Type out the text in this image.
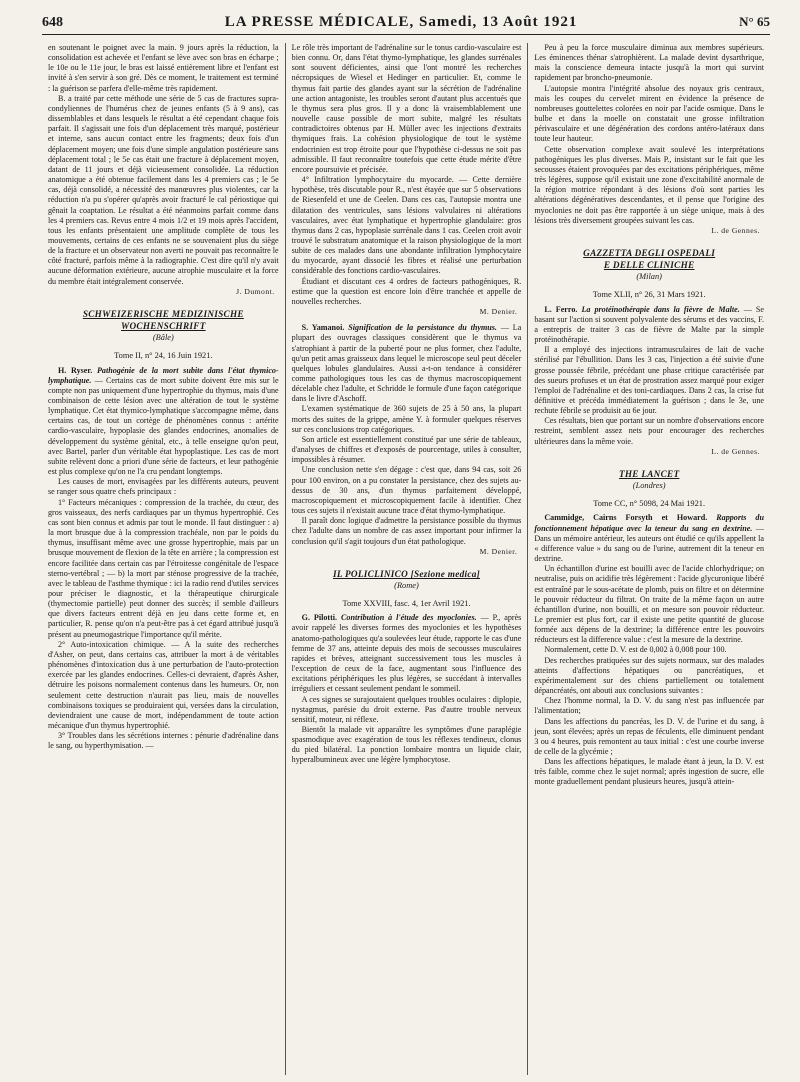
648	LA PRESSE MÉDICALE, Samedi, 13 Août 1921	N° 65

en soutenant le poignet avec la main. 9 jours après la réduction, la consolidation est achevée et l'enfant se lève avec son bras en écharpe ; le 10e ou le 11e jour, le bras est laissé entièrement libre et l'enfant est invité à s'en servir à son gré. Dès ce moment, le traitement est terminé : la guérison se parfera d'elle-même très rapidement.

B. a traité par cette méthode une série de 5 cas de fractures supra-condyliennes de l'humérus chez de jeunes enfants (5 à 9 ans), cas dissemblables et dans lesquels le résultat a été cependant chaque fois parfait. Il s'agissait une fois d'un déplacement très marqué, postérieur et interne, sans aucun contact entre les fragments; deux fois d'un déplacement moyen; une fois d'une simple angulation postérieure sans déplacement total ; le 5e cas était une fracture à déplacement moyen, datant de 11 jours et déjà vicieusement consolidée. La réduction anatomique a été obtenue facilement dans les 4 premiers cas ; le 5e cas, déjà consolidé, a nécessité des manœuvres plus violentes, car la réduction n'a pu s'opérer qu'après avoir fracturé le cal périostique qui gênait la coaptation. Le résultat a été néanmoins parfait comme dans les 4 premiers cas. Revus entre 4 mois 1/2 et 19 mois après l'accident, tous les enfants présentaient une amplitude complète de tous les mouvements, certains de ces enfants ne se souvenaient plus du siège de la fracture et un observateur non averti ne pouvait pas reconnaître le côté fracturé, parfois même à la radiographie. C'est dire qu'il n'y avait aucune déformation extérieure, aucune atrophie musculaire et la force du membre était intégralement conservée.

J. Dumont.
SCHWEIZERISCHE MEDIZINISCHE
WOCHENSCHRIFT
(Bâle)
Tome II, n° 24, 16 Juin 1921.

H. Ryser. Pathogénie de la mort subite dans l'état thymico-lymphatique. — Certains cas de mort subite doivent être mis sur le compte non pas uniquement d'une hypertrophie du thymus, mais d'une combinaison de cette lésion avec une altération de tout le système lymphatique. Cet état thymico-lymphatique s'accompagne même, dans certains cas, de tout un cortège de phénomènes connus : artérite cardio-vasculaire, hypoplasie des glandes endocrines, anomalies de développement du système génital, etc., à telle enseigne qu'on peut, avec Bartel, parler d'un véritable état hypoplastique. Les cas de mort subite relèvent donc a priori d'une série de facteurs, et leur pathogénie est plus complexe qu'on ne l'a cru pendant longtemps.

Les causes de mort, envisagées par les différents auteurs, peuvent se ranger sous quatre chefs principaux :

1° Facteurs mécaniques : compression de la trachée, du cœur, des gros vaisseaux, des nerfs cardiaques par un thymus hypertrophié. Ces cas sont bien connus et admis par tout le monde. Il faut distinguer : a) la mort brusque due à la compression trachéale, non par le poids du thymus, insuffisant même avec une grosse hypertrophie, mais par un brusque mouvement de flexion de la tête en arrière ; la compression est encore facilitée dans certain cas par l'étroitesse congénitale de l'espace sterno-vertébral ; — b) la mort par sténose progressive de la trachée, avec le tableau de l'asthme thymique : ici la radio rend d'utiles services pour préciser le diagnostic, et la thérapeutique chirurgicale (thymectomie partielle) peut donner des succès; il semble d'ailleurs que divers facteurs entrent déjà en jeu dans cette forme et, en particulier, R. pense qu'on n'a peut-être pas à cet égard attribué jusqu'à présent au pneumogastrique l'importance qu'il mérite.

2° Auto-intoxication chimique. — A la suite des recherches d'Asher, on peut, dans certains cas, attribuer la mort à de véritables phénomènes d'intoxication dus à une perturbation de l'auto-protection exercée par les glandes endocrines. Celles-ci devraient, d'après Asher, détruire les poisons normalement contenus dans les humeurs. Or, non seulement cette destruction n'aurait pas lieu, mais de nouvelles combinaisons toxiques se produiraient qui, versées dans la circulation, deviendraient une cause de mort, indépendamment de toute action mécanique d'un thymus hypertrophié.

3° Troubles dans les sécrétions internes : pénurie d'adrénaline dans le sang, ou hyperthymisation. —

Le rôle très important de l'adrénaline sur le tonus cardio-vasculaire est bien connu. Or, dans l'état thymo-lymphatique, les glandes surrénales sont souvent déficientes, ainsi que l'ont montré les recherches nécropsiques de Wiesel et Hedinger en particulier. Et, comme le thymus fait partie des glandes ayant sur la sécrétion de l'adrénaline une action antagoniste, les troubles seront d'autant plus accentués que le thymus sera plus gros. Il y a donc là vraisemblablement une nouvelle cause possible de mort subite, malgré les résultats contradictoires obtenus par H. Müller avec les injections d'extraits thymiques frais. La cohésion physiologique de tout le système endocrinien est trop étroite pour que l'hypothèse ci-dessus ne soit pas admissible. Il faut reconnaître toutefois que cette étude mérite d'être encore poursuivie et précisée.

4° Infiltration lymphocytaire du myocarde. — Cette dernière hypothèse, très discutable pour R., n'est étayée que sur 5 observations de Riesenfeld et une de Ceelen. Dans ces cas, l'autopsie montra une dilatation des ventricules, sans lésions valvulaires ni altérations vasculaires, avec état lymphatique et hypertrophie glandulaire: gros thymus dans 2 cas, hypoplasie surrénale dans 1 cas. Ceelen croit avoir trouvé le substratum anatomique et la raison physiologique de la mort subite de ces malades dans une abondante infiltration lymphocytaire du myocarde, ayant dissocié les fibres et réalisé une perturbation considérable des fonctions cardio-vasculaires.

Étudiant et discutant ces 4 ordres de facteurs pathogéniques, R. estime que la question est encore loin d'être tranchée et appelle de nouvelles recherches.

M. Denier.

S. Yamanoi. Signification de la persistance du thymus. — La plupart des ouvrages classiques considèrent que le thymus va s'atrophiant à partir de la puberté pour ne plus former, chez l'adulte, qu'un petit amas graisseux dans lequel le microscope seul peut déceler quelques lobules glandulaires. Aussi a-t-on tendance à considérer comme pathologiques tous les cas de thymus macroscopiquement décelable chez l'adulte, et Schridde le formule d'une façon catégorique dans le livre d'Aschoff.

L'examen systématique de 360 sujets de 25 à 50 ans, la plupart morts des suites de la grippe, amène Y. à formuler quelques réserves sur ces conclusions trop catégoriques.

Son article est essentiellement constitué par une série de tableaux, d'analyses de chiffres et d'exposés de pourcentage, utiles à consulter, impossibles à résumer.

Une conclusion nette s'en dégage : c'est que, dans 94 cas, soit 26 pour 100 environ, on a pu constater la persistance, chez des sujets au-dessus de 30 ans, d'un thymus parfaitement développé, macroscopiquement et microscopiquement facile à identifier. Chez tous ces sujets il n'existait aucune trace d'état thymo-lymphatique.

Il paraît donc logique d'admettre la persistance possible du thymus chez l'adulte dans un nombre de cas assez important pour infirmer la conclusion qu'il s'agit toujours d'un état pathologique.

M. Denier.
IL POLICLINICO [Sezione medica]
(Rome)
Tome XXVIII, fasc. 4, 1er Avril 1921.

G. Pilotti. Contribution à l'étude des myoclonies. — P., après avoir rappelé les diverses formes des myoclonies et les hypothèses anatomo-pathologiques qu'a soulevées leur étude, rapporte le cas d'une femme de 37 ans, atteinte depuis des mois de secousses musculaires rapides et brèves, atteignant successivement tous les muscles à l'exception de ceux de la face, augmentant sous l'influence des excitations périphériques les plus légères, se succédant à intervalles irréguliers et cessant seulement pendant le sommeil.

A ces signes se surajoutaient quelques troubles oculaires : diplopie, nystagmus, parésie du droit externe. Pas d'autre trouble nerveux sensitif, moteur, ni réflexe.

Bientôt la malade vit apparaître les symptômes d'une paraplégie spasmodique avec exagération de tous les réflexes tendineux, clonus du pied bilatéral. La ponction lombaire montra un liquide clair, hyperalbumineux avec une légère lymphocytose.

Peu à peu la force musculaire diminua aux membres supérieurs. Les éminences thénar s'atrophièrent. La malade devint dysarthrique, mais la conscience demeura intacte jusqu'à la mort qui survint rapidement par broncho-pneumonie.

L'autopsie montra l'intégrité absolue des noyaux gris centraux, mais les coupes du cervelet mirent en évidence la présence de nombreuses gouttelettes colorées en noir par l'acide osmique. Dans le bulbe et dans la moelle on constatait une grosse infiltration périvasculaire et une dégénération des cordons antéro-latéraux dans toute leur hauteur.

Cette observation complexe avait soulevé les interprétations pathogéniques les plus diverses. Mais P., insistant sur le fait que les secousses étaient provoquées par des excitations périphériques, même très légères, suppose qu'il existait une zone d'excitabilité anormale de la région motrice répondant à des lésions d'où sont parties les altérations dégénératives descendantes, et il pense que l'origine des myoclonies ne doit pas être rapportée à un siège unique, mais à des lésions très diversement groupées suivant les cas.

L. de Gennes.
GAZZETTA DEGLI OSPEDALI
E DELLE CLINICHE
(Milan)
Tome XLII, n° 26, 31 Mars 1921.

L. Ferro. La protéinothérapie dans la fièvre de Malte. — Se basant sur l'action si souvent polyvalente des sérums et des vaccins, F. a entrepris de traiter 3 cas de fièvre de Malte par la simple protéinothérapie.

Il a employé des injections intramusculaires de lait de vache stérilisé par l'ébullition. Dans les 3 cas, l'injection a été suivie d'une grosse poussée fébrile, précédant une phase critique caractérisée par des sueurs profuses et un état de prostration assez marqué pour exiger l'emploi de l'adrénaline et des toni-cardiaques. Dans 2 cas, la crise fut définitive et précéda immédiatement la guérison ; dans le 3e, une rechute fébrile se produisit au 6e jour.

Ces résultats, bien que portant sur un nombre d'observations encore restreint, semblent assez nets pour encourager des recherches ultérieures dans la même voie.

L. de Gennes.
THE LANCET
(Londres)
Tome CC, n° 5098, 24 Mai 1921.

Cammidge, Cairns Forsyth et Howard. Rapports du fonctionnement hépatique avec la teneur du sang en dextrine. — Dans un mémoire antérieur, les auteurs ont étudié ce qu'ils appellent la « difference value » du sang ou de l'urine, autrement dit la teneur en dextrine.

Un échantillon d'urine est bouilli avec de l'acide chlorhydrique; on neutralise, puis on acidifie très légèrement : l'acide glycuronique libéré est entraîné par le sous-acétate de plomb, puis on filtre et on détermine le pouvoir réducteur du filtrat. On traite de la même façon un autre échantillon d'urine, non bouilli, et on mesure son pouvoir réducteur. Le premier est plus fort, car il existe une petite quantité de glucose formée aux dépens de la dextrine; la différence entre les pouvoirs réducteurs est la difference value : c'est la mesure de la dextrine.

Normalement, cette D. V. est de 0,002 à 0,008 pour 100.

Des recherches pratiquées sur des sujets normaux, sur des malades atteints d'affections hépatiques ou pancréatiques, et expérimentalement sur des chiens partiellement ou totalement dépancréatés, ont abouti aux conclusions suivantes :

Chez l'homme normal, la D. V. du sang n'est pas influencée par l'alimentation;

Dans les affections du pancréas, les D. V. de l'urine et du sang, à jeun, sont élevées; après un repas de féculents, elle diminuent pendant 3 ou 4 heures, puis remontent au taux initial : c'est une courbe inverse de celle de la glycémie ;

Dans les affections hépatiques, le malade étant à jeun, la D. V. est très faible, comme chez le sujet normal; après ingestion de sucre, elle monte graduellement pendant plusieurs heures, jusqu'à attein-
